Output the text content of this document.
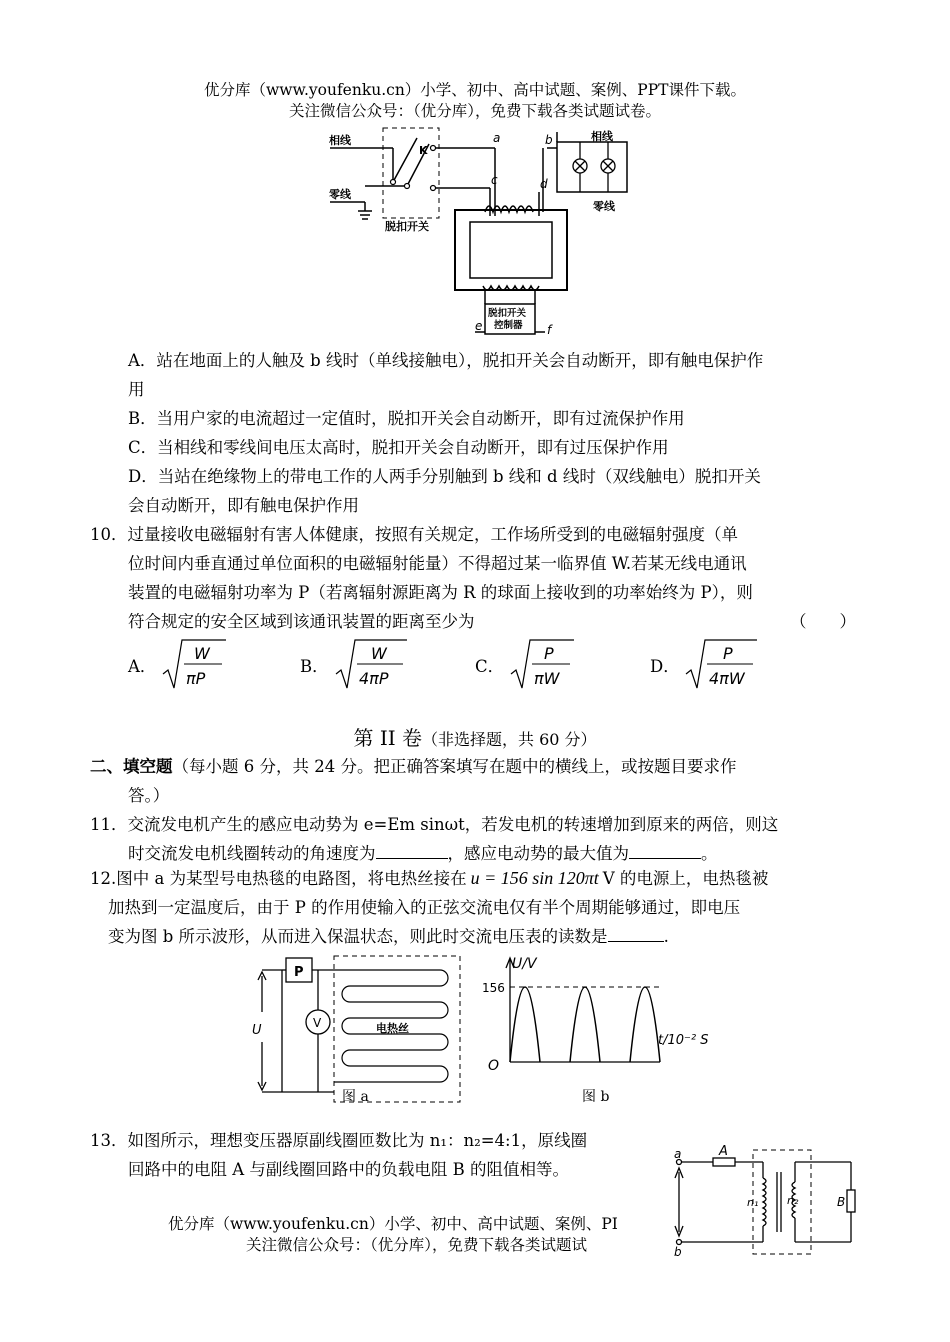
优分库（www.youfenku.cn）小学、初中、高中试题、案例、PPT课件下载。
关注微信公众号：（优分库），免费下载各类试题试卷。
相线
零线
K
脱扣开关
a	b
c	d
e	f
相线
零线
脱扣开关
控制器
A．站在地面上的人触及 b 线时（单线接触电），脱扣开关会自动断开，即有触电保护作
用
B．当用户家的电流超过一定值时，脱扣开关会自动断开，即有过流保护作用
C．当相线和零线间电压太高时，脱扣开关会自动断开，即有过压保护作用
D．当站在绝缘物上的带电工作的人两手分别触到 b 线和 d 线时（双线触电）脱扣开关
会自动断开，即有触电保护作用
10．过量接收电磁辐射有害人体健康，按照有关规定，工作场所受到的电磁辐射强度（单
位时间内垂直通过单位面积的电磁辐射能量）不得超过某一临界值 W.若某无线电通讯
装置的电磁辐射功率为 P（若离辐射源距离为 R 的球面上接收到的功率始终为 P），则
符合规定的安全区域到该通讯装置的距离至少为	（　　）
A．
W
πP
B．
W
4πP
C．
P
πW
D．
P
4πW
第 II 卷（非选择题，共 60 分）
二、填空题（每小题 6 分，共 24 分。把正确答案填写在题中的横线上，或按题目要求作
答。）
11．交流发电机产生的感应电动势为 e=Em sinωt，若发电机的转速增加到原来的两倍，则这
时交流发电机线圈转动的角速度为	，感应电动势的最大值为	。
12.图中 a 为某型号电热毯的电路图，将电热丝接在 u = 156 sin 120πt V 的电源上，电热毯被
加热到一定温度后，由于 P 的作用使输入的正弦交流电仅有半个周期能够通过，即电压
变为图 b 所示波形，从而进入保温状态，则此时交流电压表的读数是	.
P
V
U	电热丝
图 a
U/V
156
O
t/10⁻² S
图 b
13．如图所示，理想变压器原副线圈匝数比为 n₁：n₂=4:1，原线圈
回路中的电阻 A 与副线圈回路中的负载电阻 B 的阻值相等。
a
b
A
n₁	n₂	B
优分库（www.youfenku.cn）小学、初中、高中试题、案例、PI
关注微信公众号：（优分库），免费下载各类试题试
